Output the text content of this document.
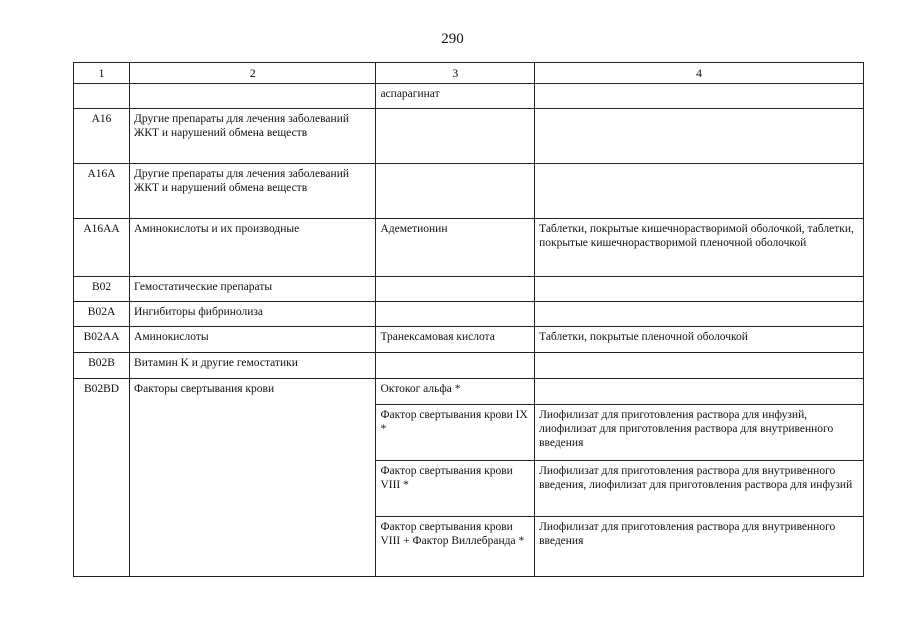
290
1	2	3	4
		аспарагинат	
A16	Другие препараты для лечения заболеваний ЖКТ и нарушений обмена веществ		
A16A	Другие препараты для лечения заболеваний ЖКТ и нарушений обмена веществ		
A16AA	Аминокислоты и их производные	Адеметионин	Таблетки, покрытые кишечнорастворимой оболочкой, таблетки, покрытые кишечнорастворимой пленочной оболочкой
B02	Гемостатические препараты		
B02A	Ингибиторы фибринолиза		
B02AA	Аминокислоты	Транексамовая кислота	Таблетки, покрытые пленочной оболочкой
B02B	Витамин K и другие гемостатики		
B02BD	Факторы свертывания крови	Октоког альфа *	
		Фактор свертывания крови IX *	Лиофилизат для приготовления раствора для инфузий, лиофилизат для приготовления раствора для внутривенного введения
		Фактор свертывания крови VIII *	Лиофилизат для приготовления раствора для внутривенного введения, лиофилизат для приготовления раствора для инфузий
		Фактор свертывания крови VIII + Фактор Виллебранда *	Лиофилизат для приготовления раствора для внутривенного введения
